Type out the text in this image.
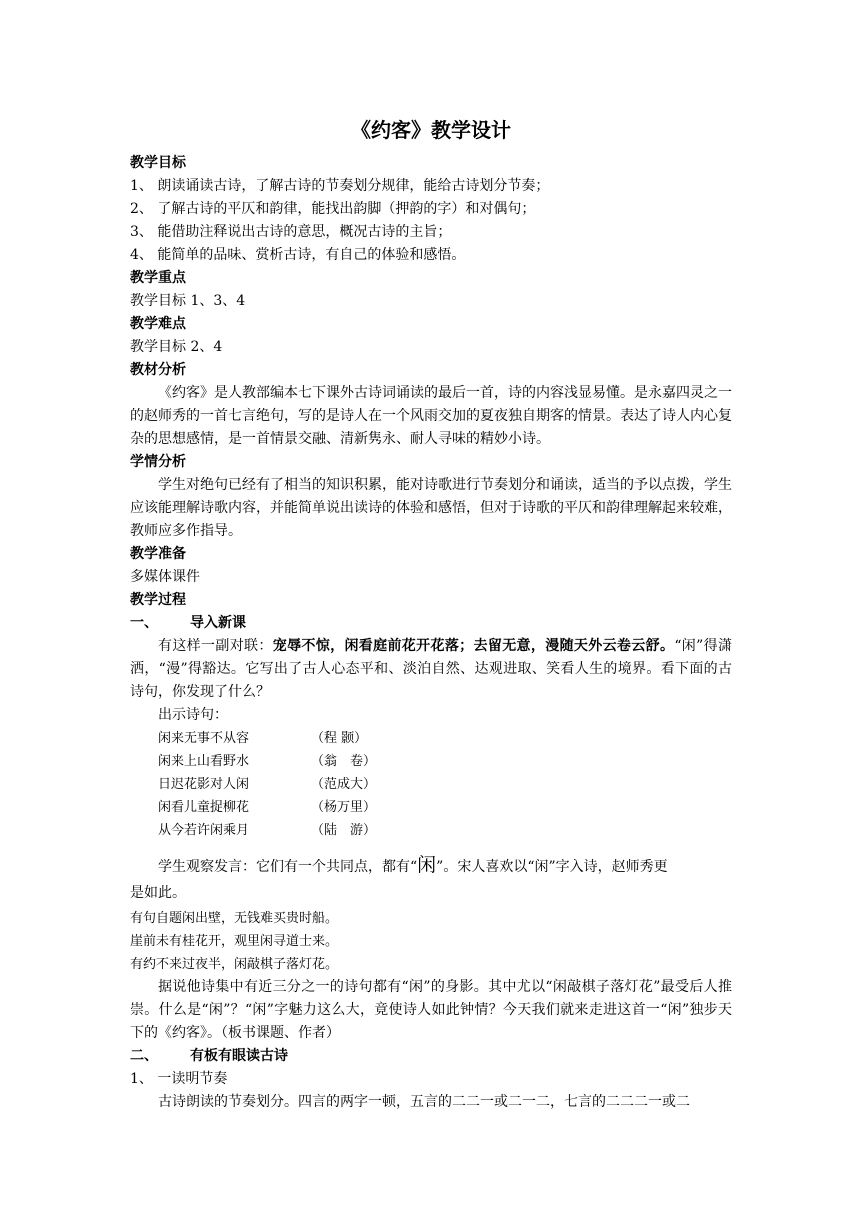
《约客》教学设计
教学目标
1、 朗读诵读古诗，了解古诗的节奏划分规律，能给古诗划分节奏；
2、 了解古诗的平仄和韵律，能找出韵脚（押韵的字）和对偶句；
3、 能借助注释说出古诗的意思，概况古诗的主旨；
4、 能简单的品味、赏析古诗，有自己的体验和感悟。
教学重点
教学目标 1、3、4
教学难点
教学目标 2、4
教材分析
《约客》是人教部编本七下课外古诗词诵读的最后一首，诗的内容浅显易懂。是永嘉四灵之一的赵师秀的一首七言绝句，写的是诗人在一个风雨交加的夏夜独自期客的情景。表达了诗人内心复杂的思想感情，是一首情景交融、清新隽永、耐人寻味的精妙小诗。
学情分析
学生对绝句已经有了相当的知识积累，能对诗歌进行节奏划分和诵读，适当的予以点拨，学生应该能理解诗歌内容，并能简单说出读诗的体验和感悟，但对于诗歌的平仄和韵律理解起来较难，教师应多作指导。
教学准备
多媒体课件
教学过程
一、 导入新课
有这样一副对联：宠辱不惊，闲看庭前花开花落；去留无意，漫随天外云卷云舒。“闲”得潇洒，“漫”得豁达。它写出了古人心态平和、淡泊自然、达观进取、笑看人生的境界。看下面的古诗句，你发现了什么？
出示诗句：
闲来无事不从容	（程 颢）
闲来上山看野水	（翁　卷）
日迟花影对人闲	（范成大）
闲看儿童捉柳花	（杨万里）
从今若许闲乘月	（陆　游）
学生观察发言：它们有一个共同点，都有“闲”。宋人喜欢以“闲”字入诗，赵师秀更
是如此。
有句自题闲出壁，无钱难买贵时船。
崖前未有桂花开，观里闲寻道士来。
有约不来过夜半，闲敲棋子落灯花。
据说他诗集中有近三分之一的诗句都有“闲”的身影。其中尤以“闲敲棋子落灯花”最受后人推崇。什么是“闲”？“闲”字魅力这么大，竟使诗人如此钟情？今天我们就来走进这首一“闲”独步天下的《约客》。（板书课题、作者）
二、 有板有眼读古诗
1、 一读明节奏
古诗朗读的节奏划分。四言的两字一顿，五言的二二一或二一二，七言的二二二一或二
